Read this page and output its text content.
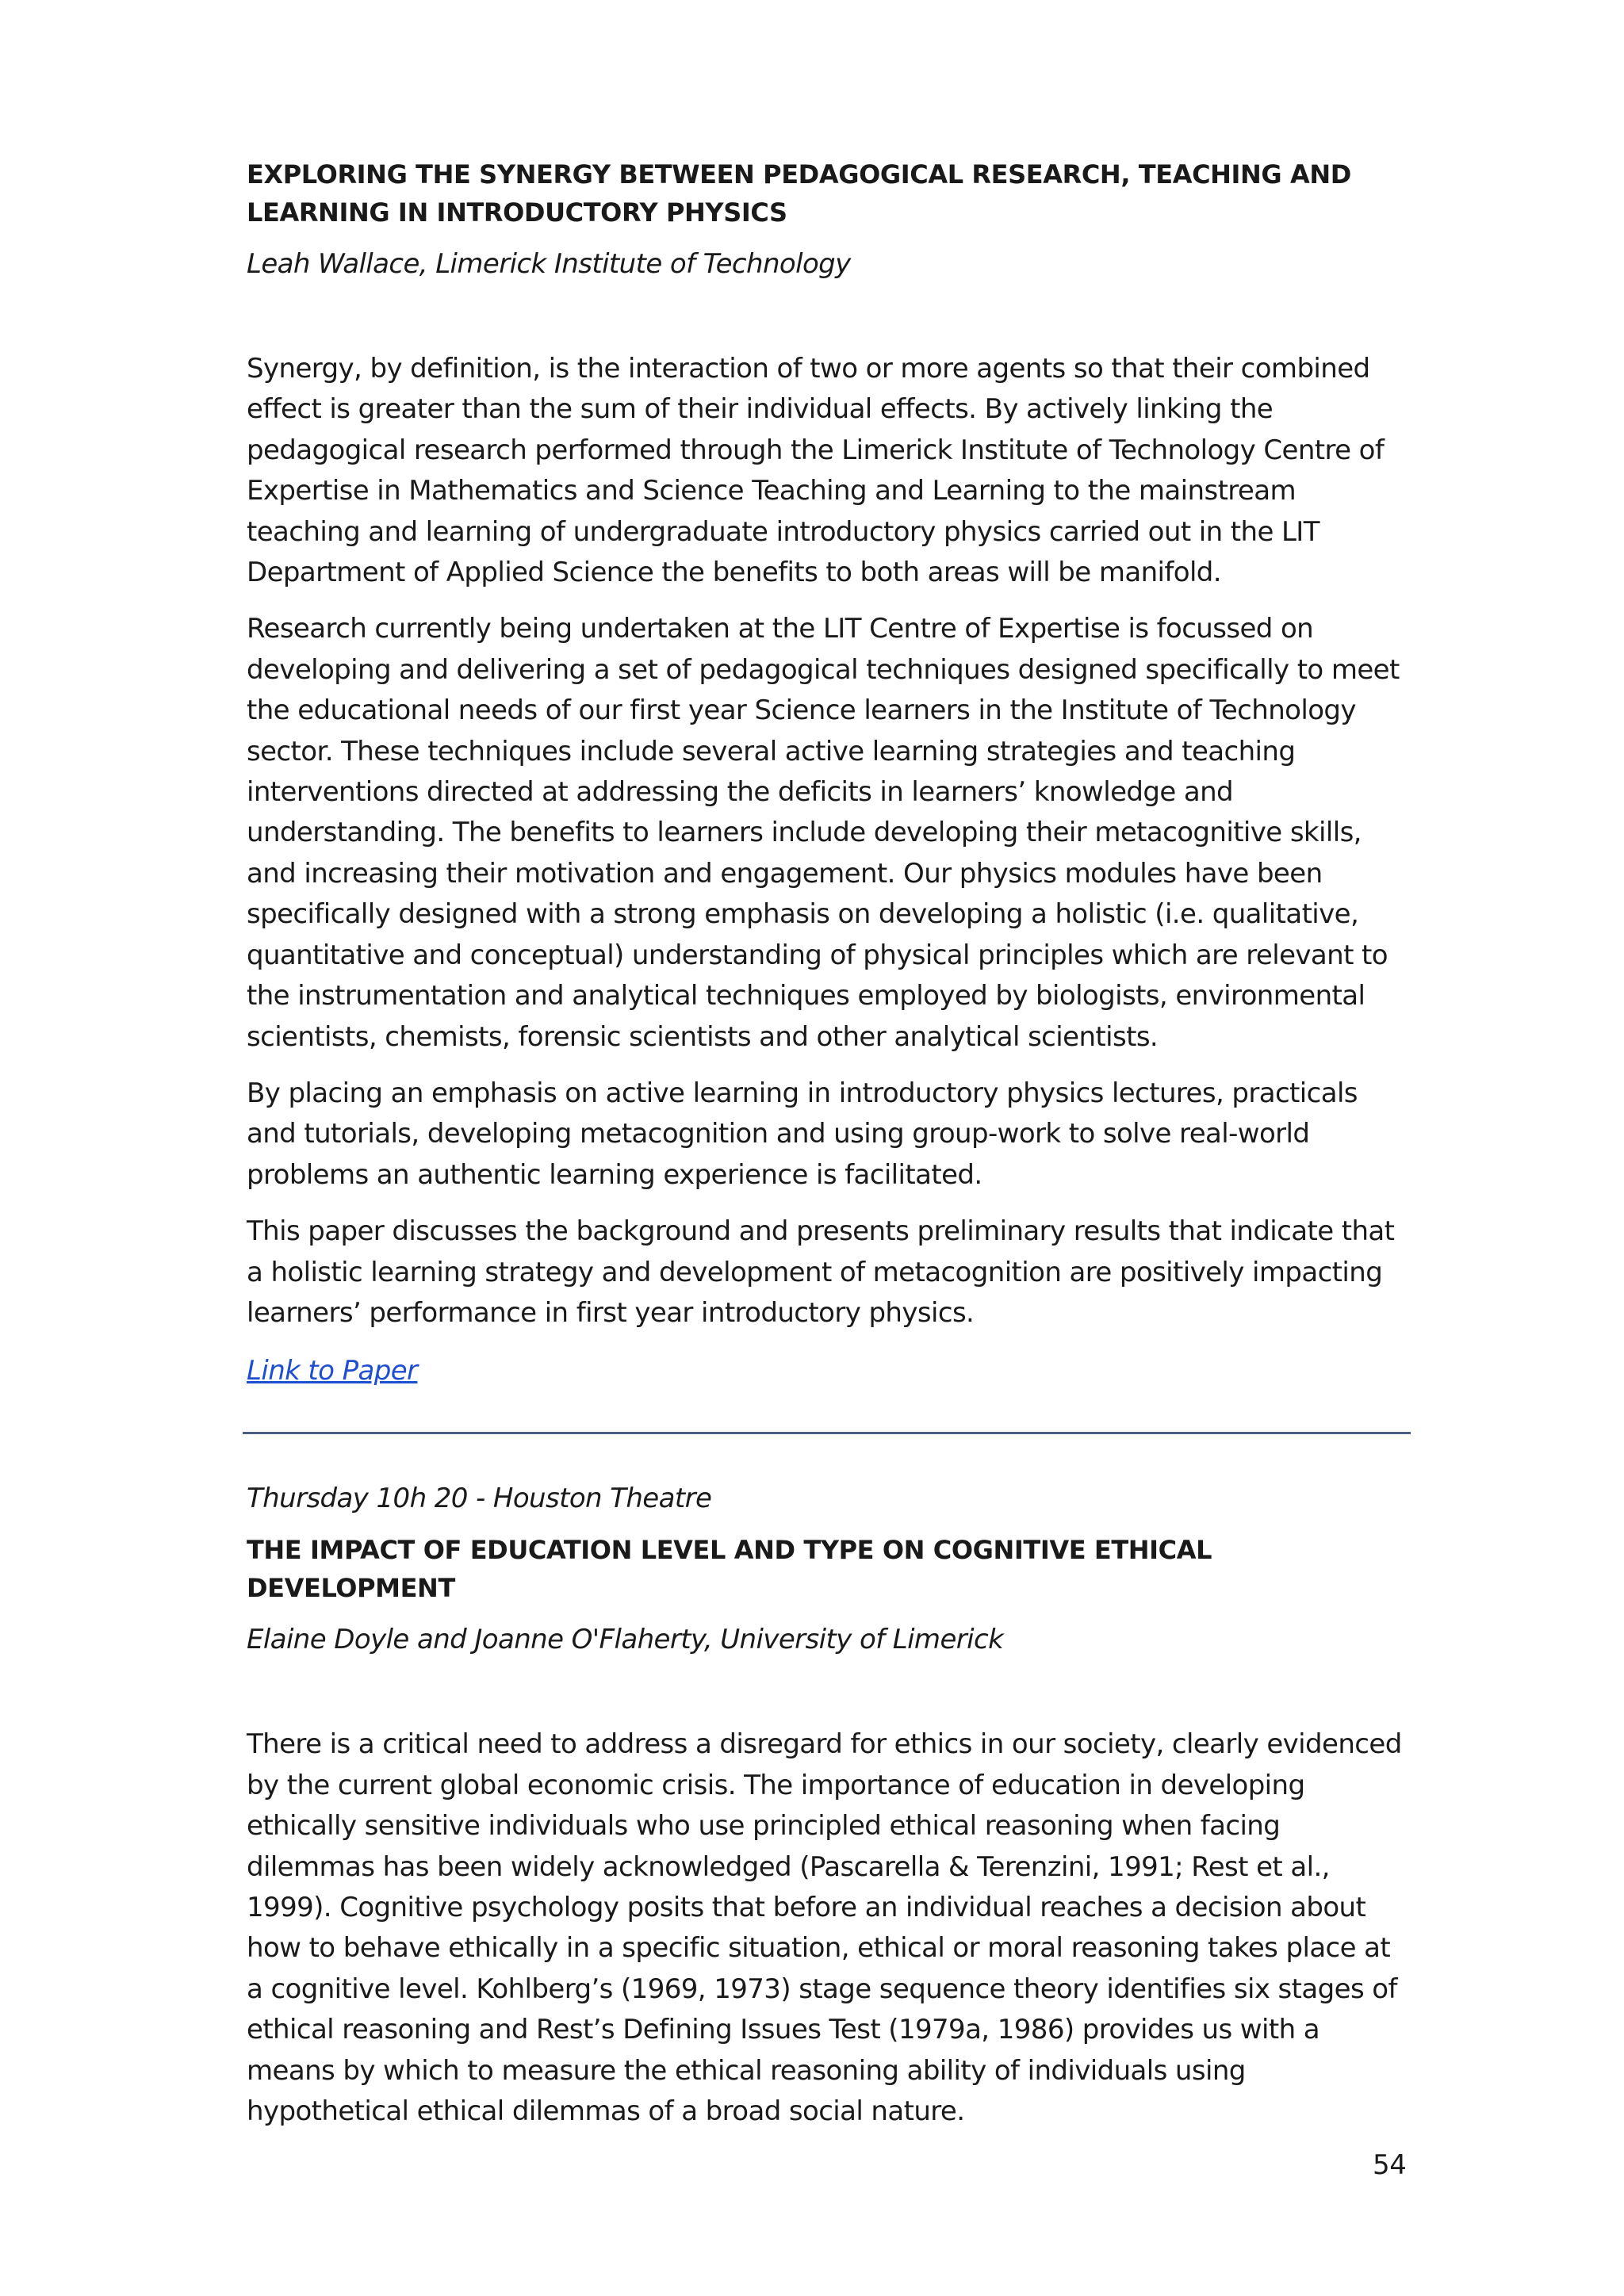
EXPLORING THE SYNERGY BETWEEN PEDAGOGICAL RESEARCH, TEACHING AND LEARNING IN INTRODUCTORY PHYSICS

Leah Wallace, Limerick Institute of Technology

Synergy, by definition, is the interaction of two or more agents so that their combined effect is greater than the sum of their individual effects. By actively linking the pedagogical research performed through the Limerick Institute of Technology Centre of Expertise in Mathematics and Science Teaching and Learning to the mainstream teaching and learning of undergraduate introductory physics carried out in the LIT Department of Applied Science the benefits to both areas will be manifold.

Research currently being undertaken at the LIT Centre of Expertise is focussed on developing and delivering a set of pedagogical techniques designed specifically to meet the educational needs of our first year Science learners in the Institute of Technology sector. These techniques include several active learning strategies and teaching interventions directed at addressing the deficits in learners’ knowledge and understanding. The benefits to learners include developing their metacognitive skills, and increasing their motivation and engagement. Our physics modules have been specifically designed with a strong emphasis on developing a holistic (i.e. qualitative, quantitative and conceptual) understanding of physical principles which are relevant to the instrumentation and analytical techniques employed by biologists, environmental scientists, chemists, forensic scientists and other analytical scientists.

By placing an emphasis on active learning in introductory physics lectures, practicals and tutorials, developing metacognition and using group-work to solve real-world problems an authentic learning experience is facilitated.

This paper discusses the background and presents preliminary results that indicate that a holistic learning strategy and development of metacognition are positively impacting learners’ performance in first year introductory physics.

Link to Paper

Thursday 10h 20 - Houston Theatre

THE IMPACT OF EDUCATION LEVEL AND TYPE ON COGNITIVE ETHICAL DEVELOPMENT

Elaine Doyle and Joanne O'Flaherty, University of Limerick

There is a critical need to address a disregard for ethics in our society, clearly evidenced by the current global economic crisis. The importance of education in developing ethically sensitive individuals who use principled ethical reasoning when facing dilemmas has been widely acknowledged (Pascarella & Terenzini, 1991; Rest et al., 1999). Cognitive psychology posits that before an individual reaches a decision about how to behave ethically in a specific situation, ethical or moral reasoning takes place at a cognitive level. Kohlberg’s (1969, 1973) stage sequence theory identifies six stages of ethical reasoning and Rest’s Defining Issues Test (1979a, 1986) provides us with a means by which to measure the ethical reasoning ability of individuals using hypothetical ethical dilemmas of a broad social nature.

54
